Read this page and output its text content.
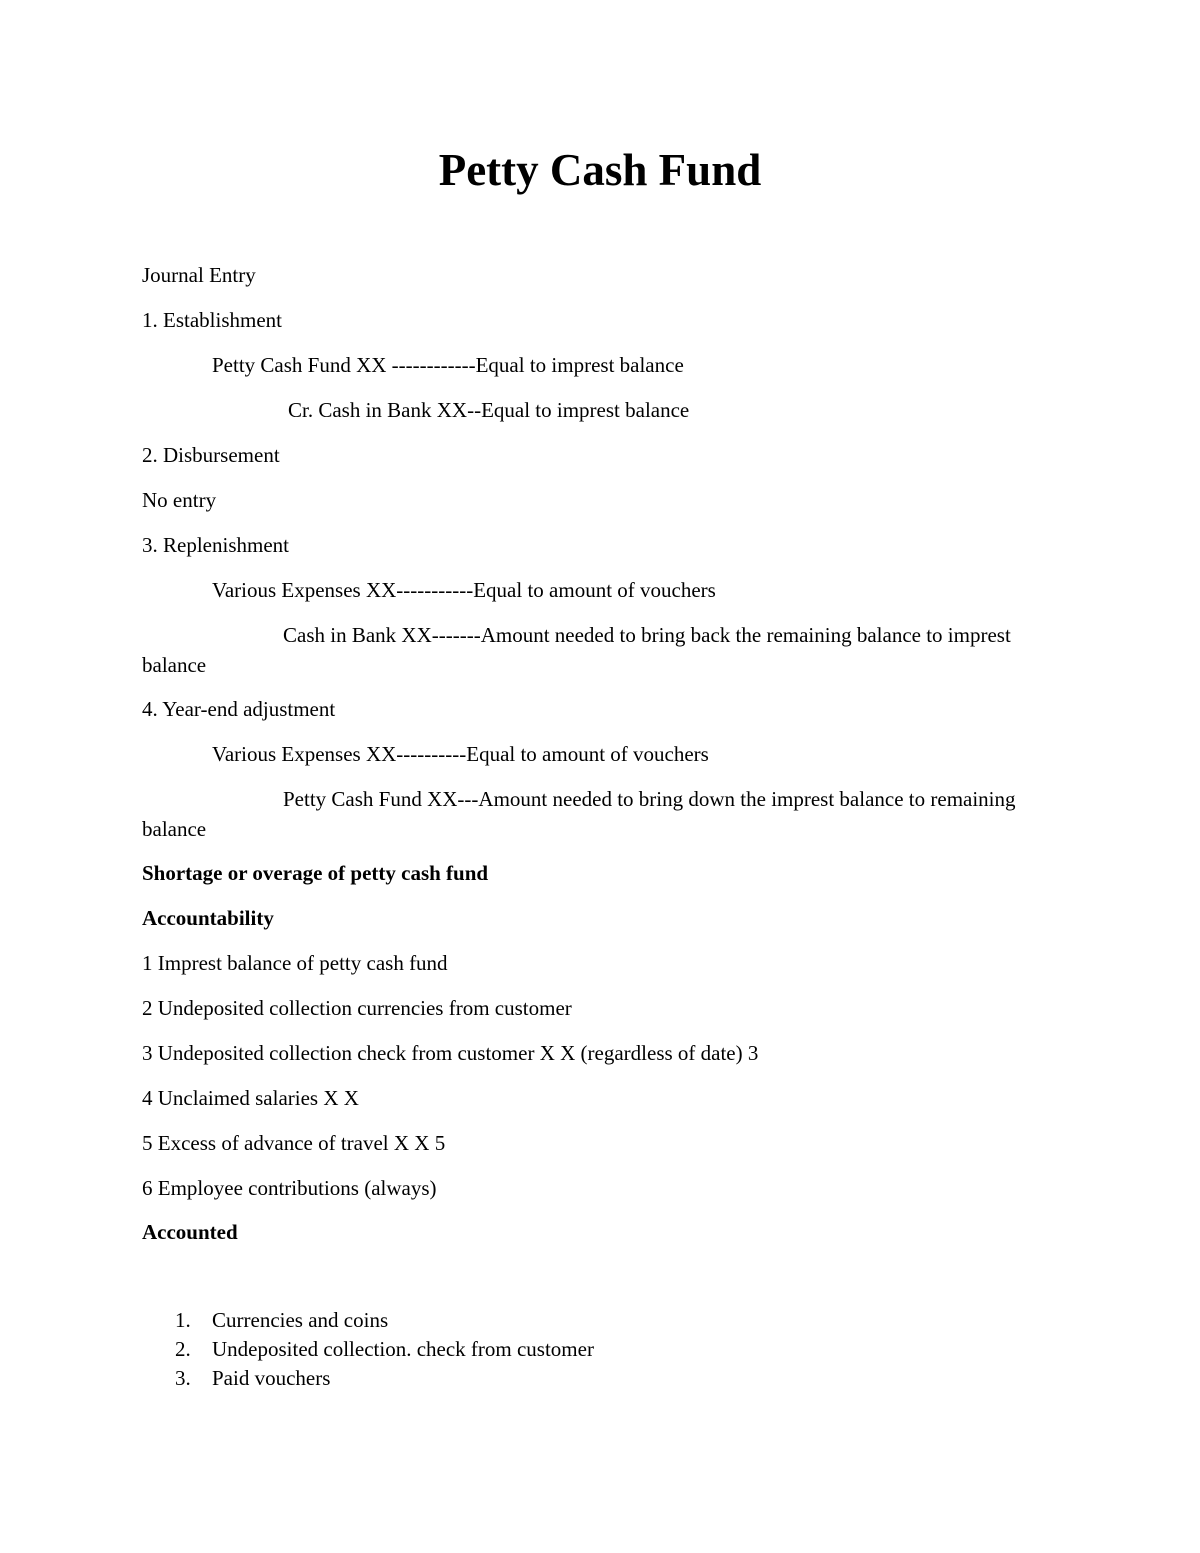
Petty Cash Fund

Journal Entry

1. Establishment

Petty Cash Fund XX ------------Equal to imprest balance

Cr. Cash in Bank XX--Equal to imprest balance

2. Disbursement

No entry

3. Replenishment

Various Expenses XX-----------Equal to amount of vouchers

Cash in Bank XX-------Amount needed to bring back the remaining balance to imprest balance

4. Year-end adjustment

Various Expenses XX----------Equal to amount of vouchers

Petty Cash Fund XX---Amount needed to bring down the imprest balance to remaining balance

Shortage or overage of petty cash fund

Accountability

1 Imprest balance of petty cash fund

2 Undeposited collection currencies from customer

3 Undeposited collection check from customer X X (regardless of date) 3

4 Unclaimed salaries X X

5 Excess of advance of travel X X 5

6 Employee contributions (always)

Accounted

1. Currencies and coins
2. Undeposited collection. check from customer
3. Paid vouchers
